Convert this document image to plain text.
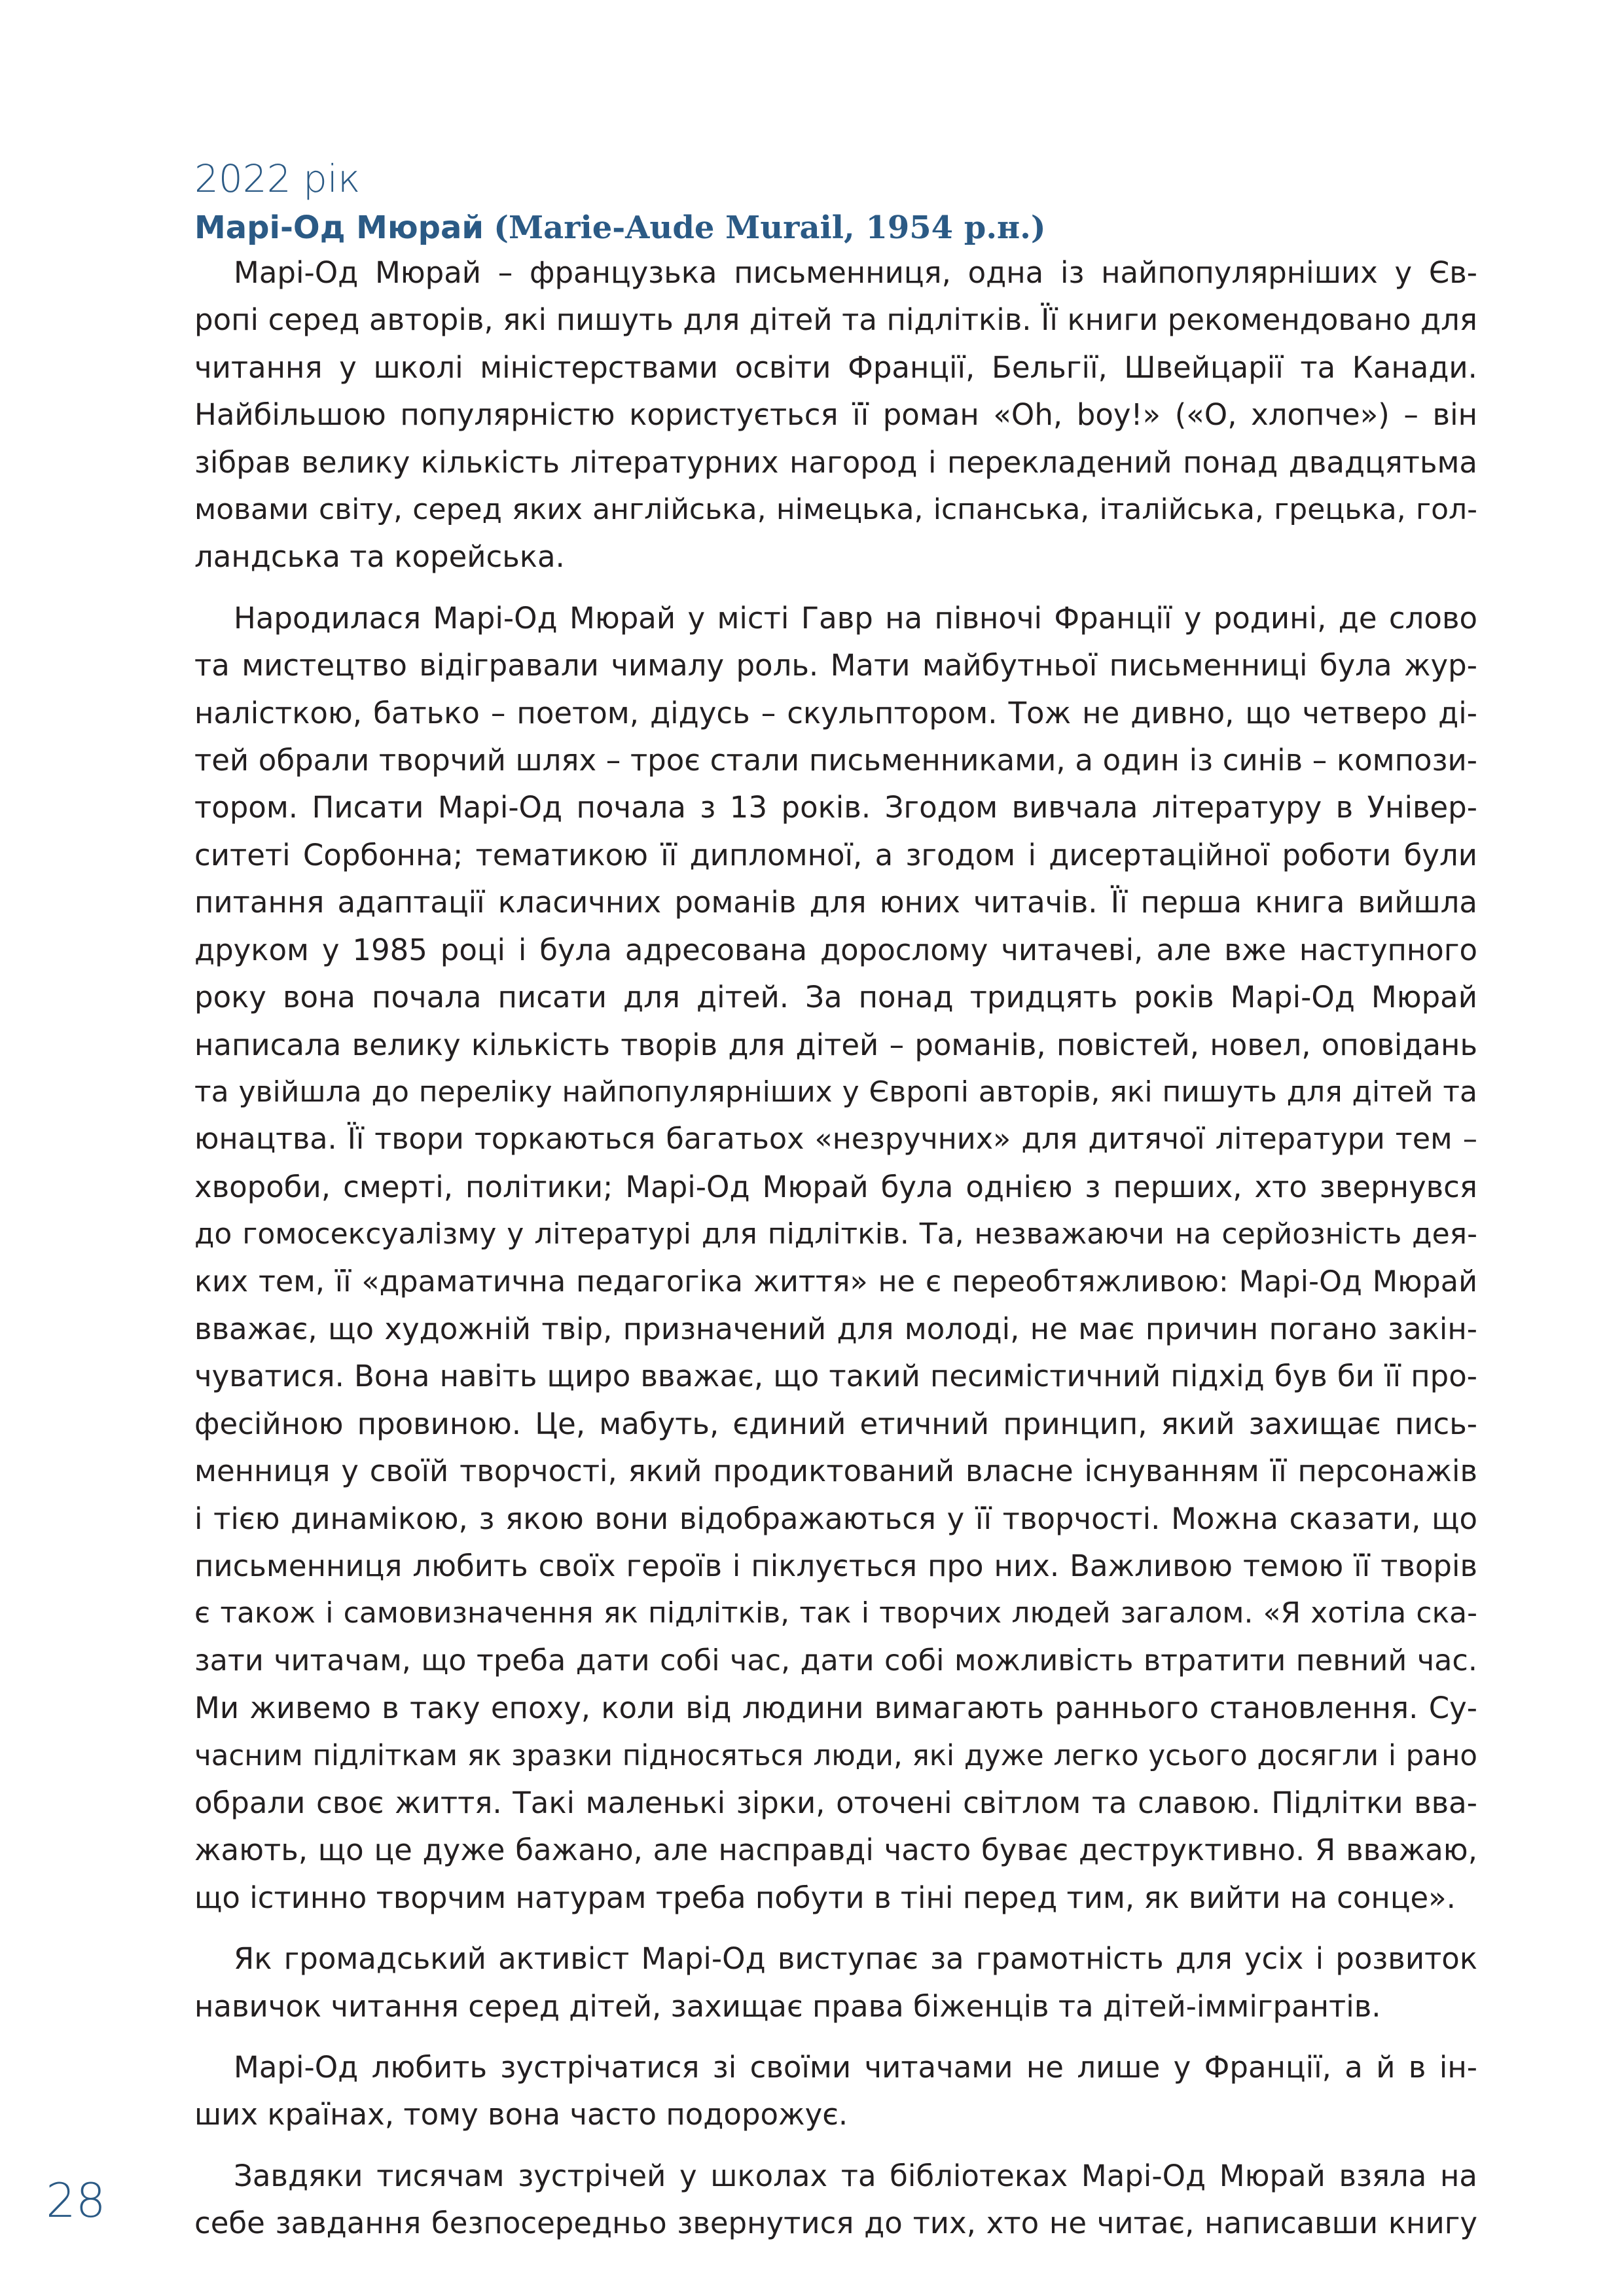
2022 рік
Марі-Од Мюрай (Marie-Aude Murail, 1954 р.н.)
Марі-Од Мюрай – французька письменниця, одна із найпопулярніших у Єв-
ропі серед авторів, які пишуть для дітей та підлітків. Її книги рекомендовано для
читання у школі міністерствами освіти Франції, Бельгії, Швейцарії та Канади.
Найбільшою популярністю користується її роман «Oh, boy!» («О, хлопче») – він
зібрав велику кількість літературних нагород і перекладений понад двадцятьма
мовами світу, серед яких англійська, німецька, іспанська, італійська, грецька, гол-
ландська та корейська.
Народилася Марі-Од Мюрай у місті Гавр на півночі Франції у родині, де слово
та мистецтво відігравали чималу роль. Мати майбутньої письменниці була жур-
налісткою, батько – поетом, дідусь – скульптором. Тож не дивно, що четверо ді-
тей обрали творчий шлях – троє стали письменниками, а один із синів – компози-
тором. Писати Марі-Од почала з 13 років. Згодом вивчала літературу в Універ-
ситеті Сорбонна; тематикою її дипломної, а згодом і дисертаційної роботи були
питання адаптації класичних романів для юних читачів. Її перша книга вийшла
друком у 1985 році і була адресована дорослому читачеві, але вже наступного
року вона почала писати для дітей. За понад тридцять років Марі-Од Мюрай
написала велику кількість творів для дітей – романів, повістей, новел, оповідань
та увійшла до переліку найпопулярніших у Європі авторів, які пишуть для дітей та
юнацтва. Її твори торкаються багатьох «незручних» для дитячої літератури тем –
хвороби, смерті, політики; Марі-Од Мюрай була однією з перших, хто звернувся
до гомосексуалізму у літературі для підлітків. Та, незважаючи на серйозність дея-
ких тем, її «драматична педагогіка життя» не є переобтяжливою: Марі-Од Мюрай
вважає, що художній твір, призначений для молоді, не має причин погано закін-
чуватися. Вона навіть щиро вважає, що такий песимістичний підхід був би її про-
фесійною провиною. Це, мабуть, єдиний етичний принцип, який захищає пись-
менниця у своїй творчості, який продиктований власне існуванням її персонажів
і тією динамікою, з якою вони відображаються у її творчості. Можна сказати, що
письменниця любить своїх героїв і піклується про них. Важливою темою її творів
є також і самовизначення як підлітків, так і творчих людей загалом. «Я хотіла ска-
зати читачам, що треба дати собі час, дати собі можливість втратити певний час.
Ми живемо в таку епоху, коли від людини вимагають раннього становлення. Су-
часним підліткам як зразки підносяться люди, які дуже легко усього досягли і рано
обрали своє життя. Такі маленькі зірки, оточені світлом та славою. Підлітки вва-
жають, що це дуже бажано, але насправді часто буває деструктивно. Я вважаю,
що істинно творчим натурам треба побути в тіні перед тим, як вийти на сонце».
Як громадський активіст Марі-Од виступає за грамотність для усіх і розвиток
навичок читання серед дітей, захищає права біженців та дітей-іммігрантів.
Марі-Од любить зустрічатися зі своїми читачами не лише у Франції, а й в ін-
ших країнах, тому вона часто подорожує.
Завдяки тисячам зустрічей у школах та бібліотеках Марі-Од Мюрай взяла на
себе завдання безпосередньо звернутися до тих, хто не читає, написавши книгу
28
